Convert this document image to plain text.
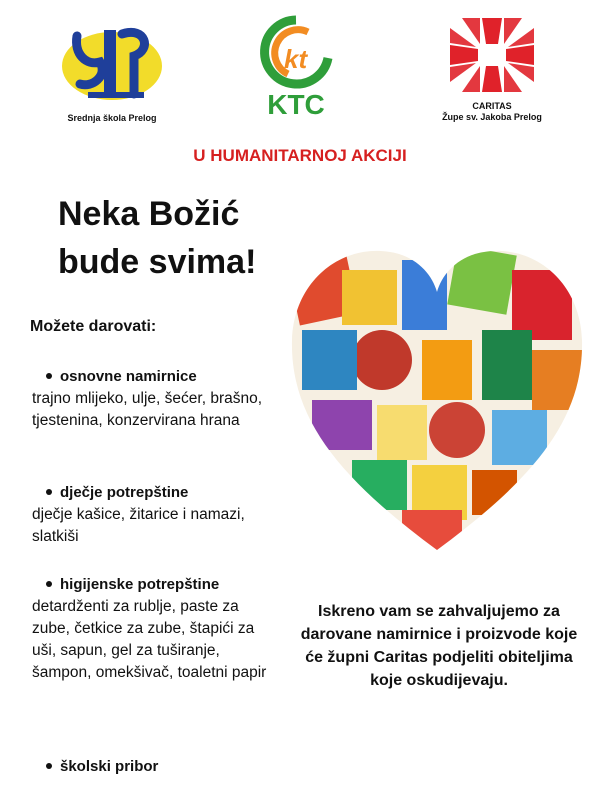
Srednja škola Prelog
kt
KTC	CARITAS
Župe sv. Jakoba Prelog
U HUMANITARNOJ AKCIJI
Neka Božić
bude svima!
Možete darovati:
osnovne namirnice
trajno mlijeko, ulje, šećer, brašno, tjestenina, konzervirana hrana
dječje potrepštine
dječje kašice, žitarice i namazi, slatkiši
higijenske potrepštine
detardženti za rublje, paste za zube, četkice za zube, štapići za uši, sapun, gel za tuširanje, šampon, omekšivač, toaletni papir
školski pribor
Iskreno vam se zahvaljujemo za darovane namirnice i proizvode koje će župni Caritas podjeliti obiteljima koje oskudijevaju.
